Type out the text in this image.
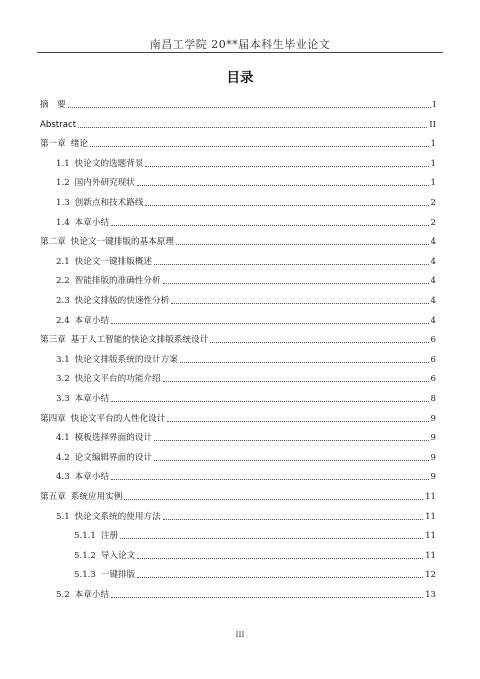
南昌工学院 20**届本科生毕业论文
目录
摘　要	I
Abstract	II
第一章 绪论	1
1.1 快论文的选题背景	1
1.2 国内外研究现状	1
1.3 创新点和技术路线	2
1.4 本章小结	2
第二章 快论文一键排版的基本原理	4
2.1 快论文一键排版概述	4
2.2 智能排版的准确性分析	4
2.3 快论文排版的快速性分析	4
2.4 本章小结	4
第三章 基于人工智能的快论文排版系统设计	6
3.1 快论文排版系统的设计方案	6
3.2 快论文平台的功能介绍	6
3.3 本章小结	8
第四章 快论文平台的人性化设计	9
4.1 模板选择界面的设计	9
4.2 论文编辑界面的设计	9
4.3 本章小结	9
第五章 系统应用实例	11
5.1 快论文系统的使用方法	11
5.1.1 注册	11
5.1.2 导入论文	11
5.1.3 一键排版	12
5.2 本章小结	13
III
